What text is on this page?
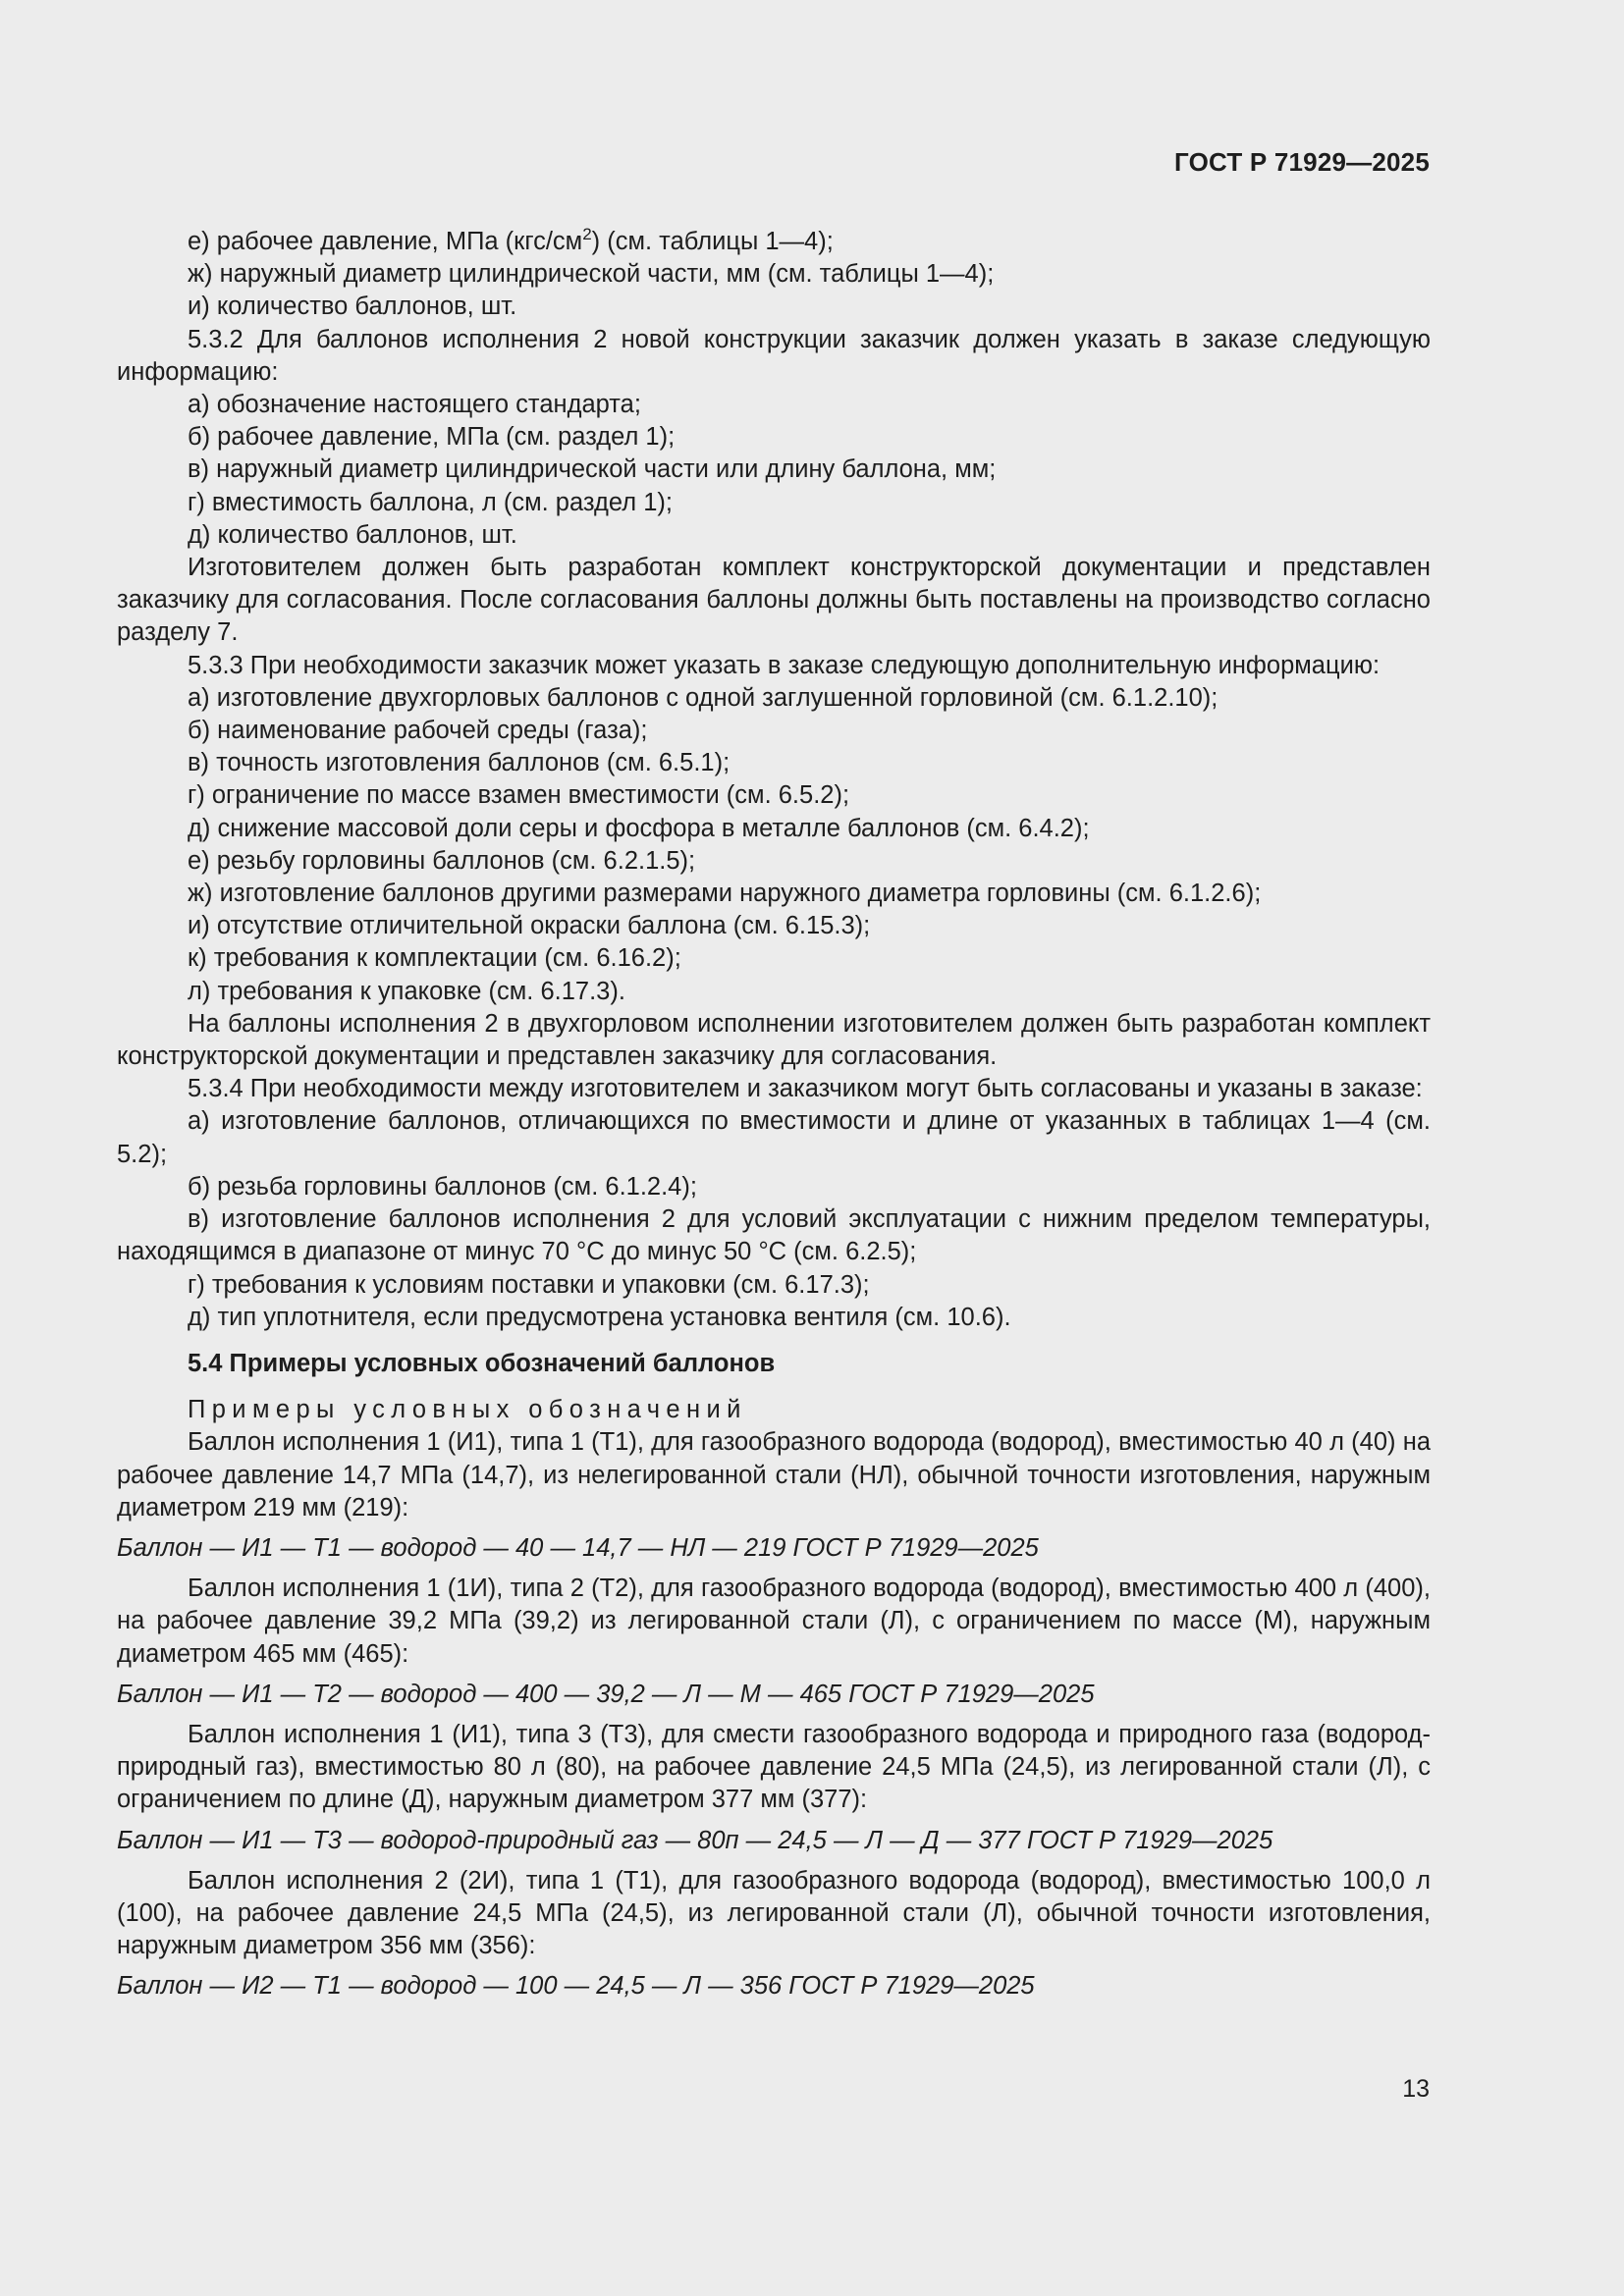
ГОСТ Р 71929—2025

е) рабочее давление, МПа $(кгс/см^2)$ (см. таблицы 1—4);

ж) наружный диаметр цилиндрической части, мм (см. таблицы 1—4);

и) количество баллонов, шт.

5.3.2 Для баллонов исполнения 2 новой конструкции заказчик должен указать в заказе следующую информацию:

а) обозначение настоящего стандарта;

б) рабочее давление, МПа (см. раздел 1);

в) наружный диаметр цилиндрической части или длину баллона, мм;

г) вместимость баллона, л (см. раздел 1);

д) количество баллонов, шт.

Изготовителем должен быть разработан комплект конструкторской документации и представлен заказчику для согласования. После согласования баллоны должны быть поставлены на производство согласно разделу 7.

5.3.3 При необходимости заказчик может указать в заказе следующую дополнительную информацию:

а) изготовление двухгорловых баллонов с одной заглушенной горловиной (см. 6.1.2.10);

б) наименование рабочей среды (газа);

в) точность изготовления баллонов (см. 6.5.1);

г) ограничение по массе взамен вместимости (см. 6.5.2);

д) снижение массовой доли серы и фосфора в металле баллонов (см. 6.4.2);

е) резьбу горловины баллонов (см. 6.2.1.5);

ж) изготовление баллонов другими размерами наружного диаметра горловины (см. 6.1.2.6);

и) отсутствие отличительной окраски баллона (см. 6.15.3);

к) требования к комплектации (см. 6.16.2);

л) требования к упаковке (см. 6.17.3).

На баллоны исполнения 2 в двухгорловом исполнении изготовителем должен быть разработан комплект конструкторской документации и представлен заказчику для согласования.

5.3.4 При необходимости между изготовителем и заказчиком могут быть согласованы и указаны в заказе:

а) изготовление баллонов, отличающихся по вместимости и длине от указанных в таблицах 1—4 (см. 5.2);

б) резьба горловины баллонов (см. 6.1.2.4);

в) изготовление баллонов исполнения 2 для условий эксплуатации с нижним пределом температуры, находящимся в диапазоне от минус 70 °С до минус 50 °С (см. 6.2.5);

г) требования к условиям поставки и упаковки (см. 6.17.3);

д) тип уплотнителя, если предусмотрена установка вентиля (см. 10.6).

5.4 Примеры условных обозначений баллонов

Примеры условных обозначений

Баллон исполнения 1 (И1), типа 1 (Т1), для газообразного водорода (водород), вместимостью 40 л (40) на рабочее давление 14,7 МПа (14,7), из нелегированной стали (НЛ), обычной точности изготовления, наружным диаметром 219 мм (219):

Баллон — И1 — Т1 — водород — 40 — 14,7 — НЛ — 219 ГОСТ Р 71929—2025

Баллон исполнения 1 (1И), типа 2 (Т2), для газообразного водорода (водород), вместимостью 400 л (400), на рабочее давление 39,2 МПа (39,2) из легированной стали (Л), с ограничением по массе (М), наружным диаметром 465 мм (465):

Баллон — И1 — Т2 — водород — 400 — 39,2 — Л — М — 465 ГОСТ Р 71929—2025

Баллон исполнения 1 (И1), типа 3 (Т3), для смести газообразного водорода и природного газа (водород-природный газ), вместимостью 80 л (80), на рабочее давление 24,5 МПа (24,5), из легированной стали (Л), с ограничением по длине (Д), наружным диаметром 377 мм (377):

Баллон — И1 — Т3 — водород-природный газ — 80п — 24,5 — Л — Д — 377 ГОСТ Р 71929—2025

Баллон исполнения 2 (2И), типа 1 (Т1), для газообразного водорода (водород), вместимостью 100,0 л (100), на рабочее давление 24,5 МПа (24,5), из легированной стали (Л), обычной точности изготовления, наружным диаметром 356 мм (356):

Баллон — И2 — Т1 — водород — 100 — 24,5 — Л — 356 ГОСТ Р 71929—2025

13
